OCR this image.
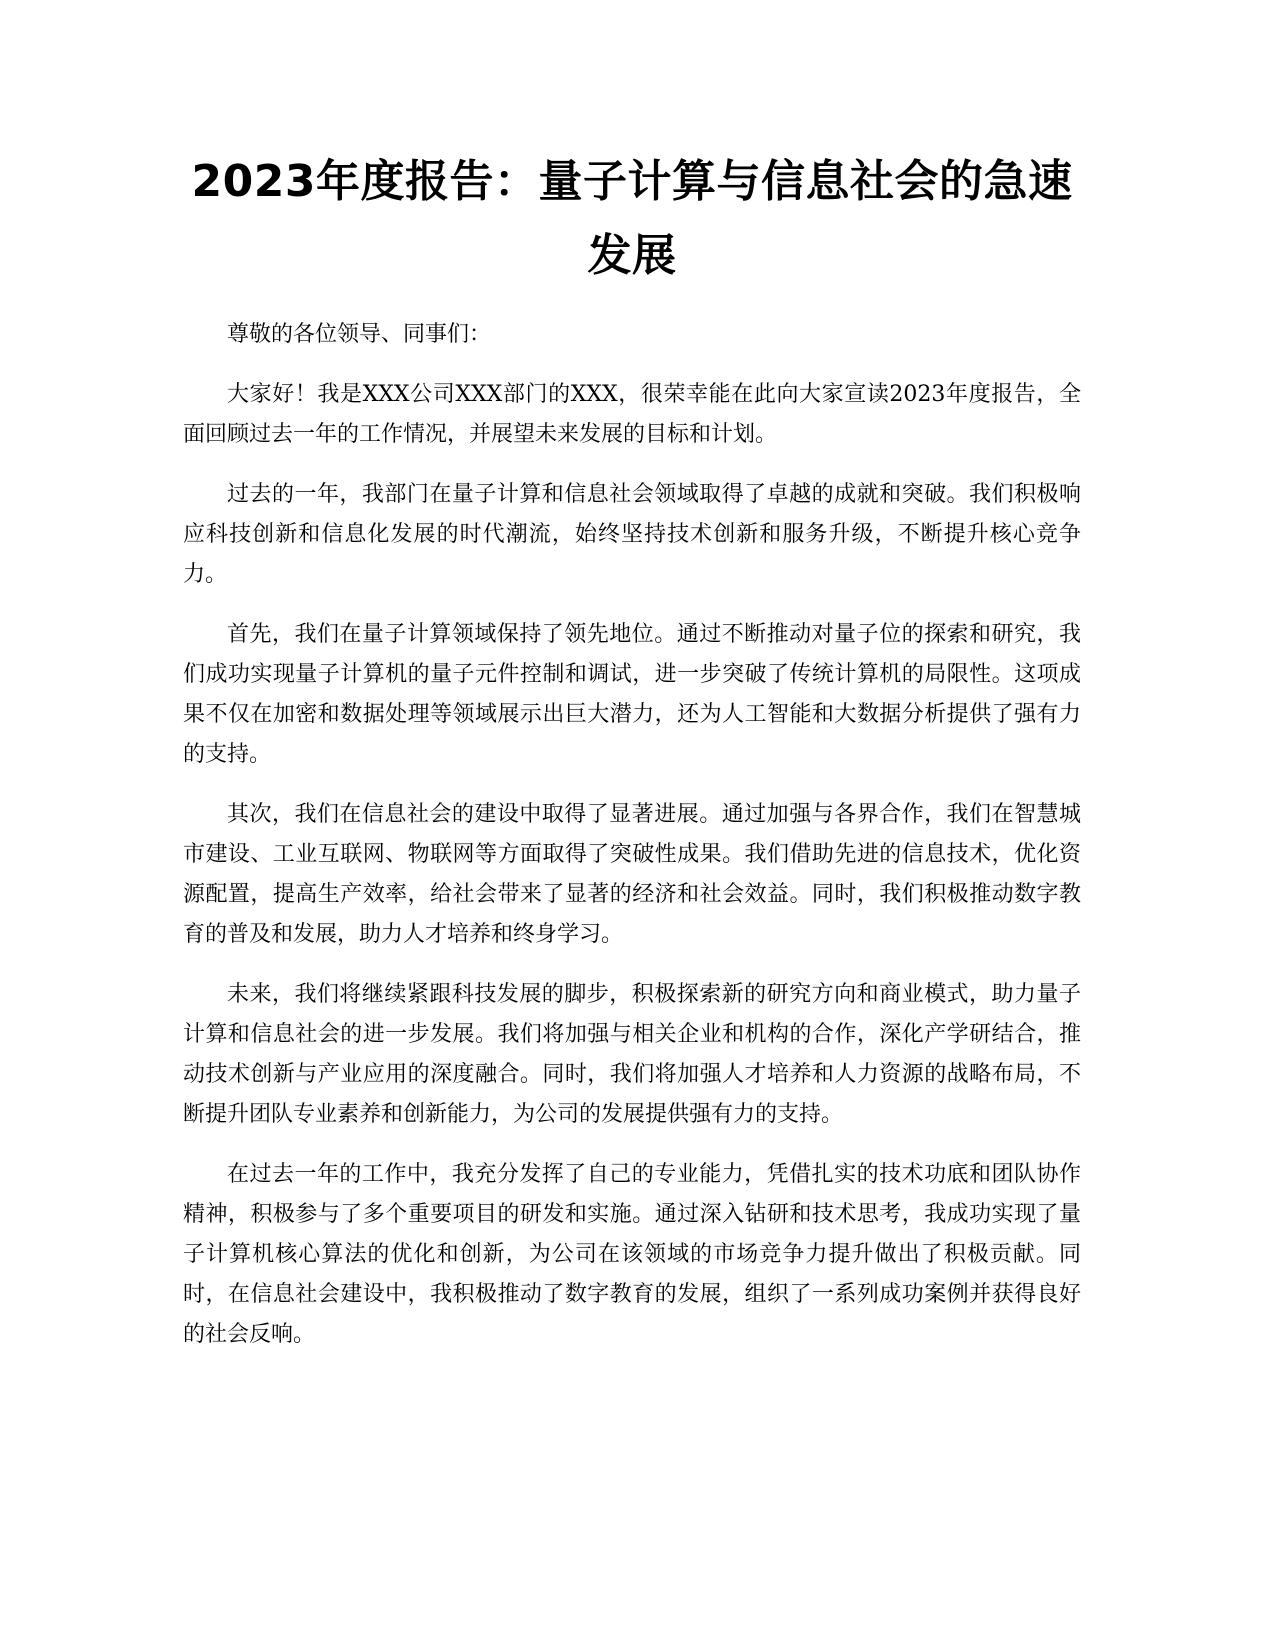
2023年度报告：量子计算与信息社会的急速
发展

尊敬的各位领导、同事们：

大家好！我是XXX公司XXX部门的XXX，很荣幸能在此向大家宣读2023年度报告，全面回顾过去一年的工作情况，并展望未来发展的目标和计划。

过去的一年，我部门在量子计算和信息社会领域取得了卓越的成就和突破。我们积极响应科技创新和信息化发展的时代潮流，始终坚持技术创新和服务升级，不断提升核心竞争力。

首先，我们在量子计算领域保持了领先地位。通过不断推动对量子位的探索和研究，我们成功实现量子计算机的量子元件控制和调试，进一步突破了传统计算机的局限性。这项成果不仅在加密和数据处理等领域展示出巨大潜力，还为人工智能和大数据分析提供了强有力的支持。

其次，我们在信息社会的建设中取得了显著进展。通过加强与各界合作，我们在智慧城市建设、工业互联网、物联网等方面取得了突破性成果。我们借助先进的信息技术，优化资源配置，提高生产效率，给社会带来了显著的经济和社会效益。同时，我们积极推动数字教育的普及和发展，助力人才培养和终身学习。

未来，我们将继续紧跟科技发展的脚步，积极探索新的研究方向和商业模式，助力量子计算和信息社会的进一步发展。我们将加强与相关企业和机构的合作，深化产学研结合，推动技术创新与产业应用的深度融合。同时，我们将加强人才培养和人力资源的战略布局，不断提升团队专业素养和创新能力，为公司的发展提供强有力的支持。

在过去一年的工作中，我充分发挥了自己的专业能力，凭借扎实的技术功底和团队协作精神，积极参与了多个重要项目的研发和实施。通过深入钻研和技术思考，我成功实现了量子计算机核心算法的优化和创新，为公司在该领域的市场竞争力提升做出了积极贡献。同时，在信息社会建设中，我积极推动了数字教育的发展，组织了一系列成功案例并获得良好的社会反响。
